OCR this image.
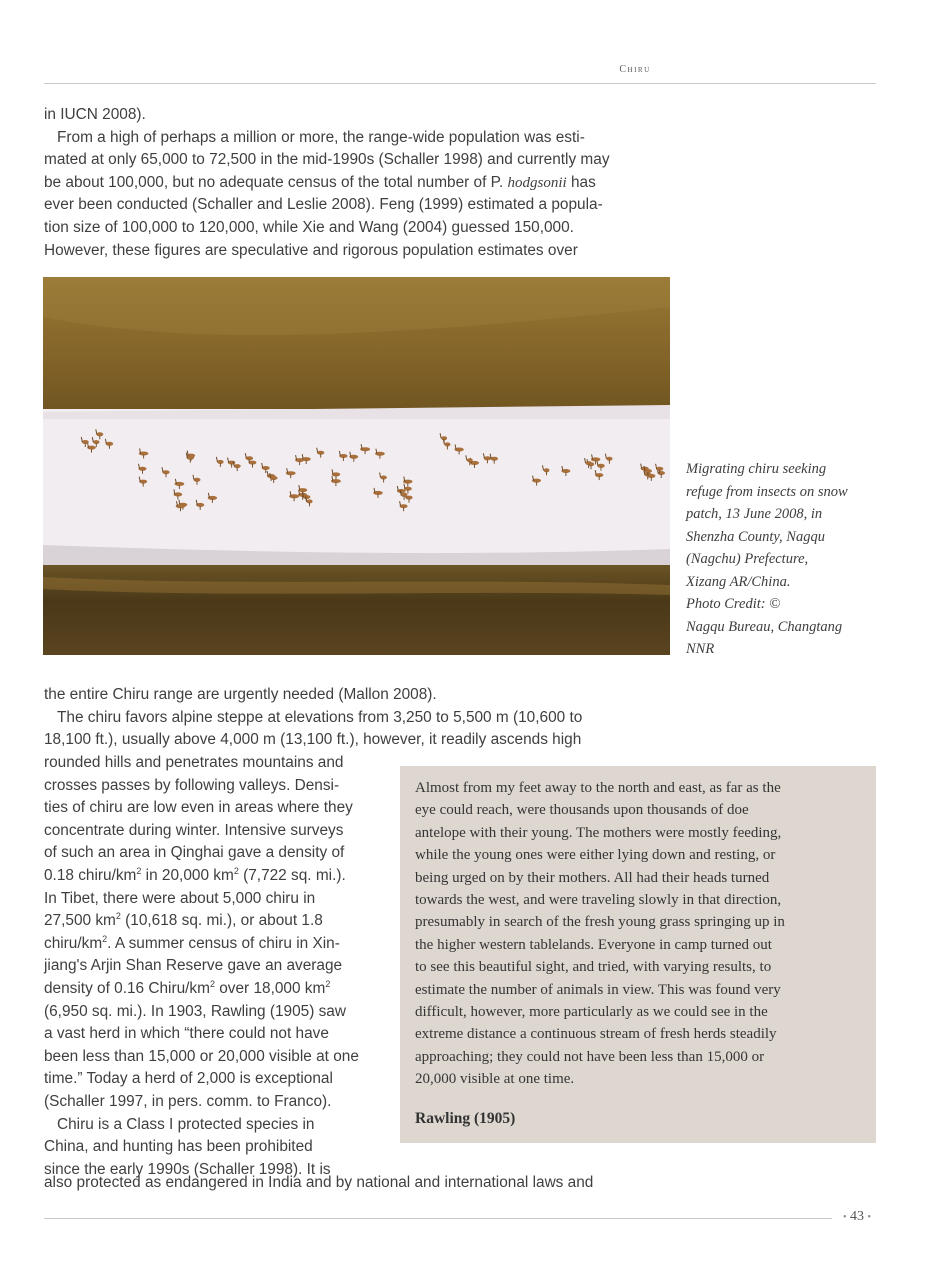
Chiru

in IUCN 2008).

From a high of perhaps a million or more, the range-wide population was esti-

mated at only 65,000 to 72,500 in the mid-1990s (Schaller 1998) and currently may

be about 100,000, but no adequate census of the total number of P. hodgsonii has

ever been conducted (Schaller and Leslie 2008). Feng (1999) estimated a popula-

tion size of 100,000 to 120,000, while Xie and Wang (2004) guessed 150,000.

However, these figures are speculative and rigorous population estimates over

Migrating chiru seeking
refuge from insects on snow
patch, 13 June 2008, in
Shenzha County, Nagqu
(Nagchu) Prefecture,
Xizang AR/China.
Photo Credit: ©
Nagqu Bureau, Changtang
NNR

the entire Chiru range are urgently needed (Mallon 2008).

The chiru favors alpine steppe at elevations from 3,250 to 5,500 m (10,600 to

18,100 ft.), usually above 4,000 m (13,100 ft.), however, it readily ascends high

rounded hills and penetrates mountains and

crosses passes by following valleys. Densi-

ties of chiru are low even in areas where they

concentrate during winter. Intensive surveys

of such an area in Qinghai gave a density of

0.18 chiru/$km^2$ in 20,000 $km^2$ (7,722 sq. mi.).

In Tibet, there were about 5,000 chiru in

27,500 $km^2$ (10,618 sq. mi.), or about 1.8

chiru/$km^2$. A summer census of chiru in Xin-

jiang's Arjin Shan Reserve gave an average

density of 0.16 Chiru/$km^2$ over 18,000 $km^2$

(6,950 sq. mi.). In 1903, Rawling (1905) saw

a vast herd in which “there could not have

been less than 15,000 or 20,000 visible at one

time.” Today a herd of 2,000 is exceptional

(Schaller 1997, in pers. comm. to Franco).

Chiru is a Class I protected species in

China, and hunting has been prohibited

since the early 1990s (Schaller 1998). It is

also protected as endangered in India and by national and international laws and

Almost from my feet away to the north and east, as far as the
eye could reach, were thousands upon thousands of doe
antelope with their young. The mothers were mostly feeding,
while the young ones were either lying down and resting, or
being urged on by their mothers. All had their heads turned
towards the west, and were traveling slowly in that direction,
presumably in search of the fresh young grass springing up in
the higher western tablelands. Everyone in camp turned out
to see this beautiful sight, and tried, with varying results, to
estimate the number of animals in view. This was found very
difficult, however, more particularly as we could see in the
extreme distance a continuous stream of fresh herds steadily
approaching; they could not have been less than 15,000 or
20,000 visible at one time.
Rawling (1905)
• 43 •
